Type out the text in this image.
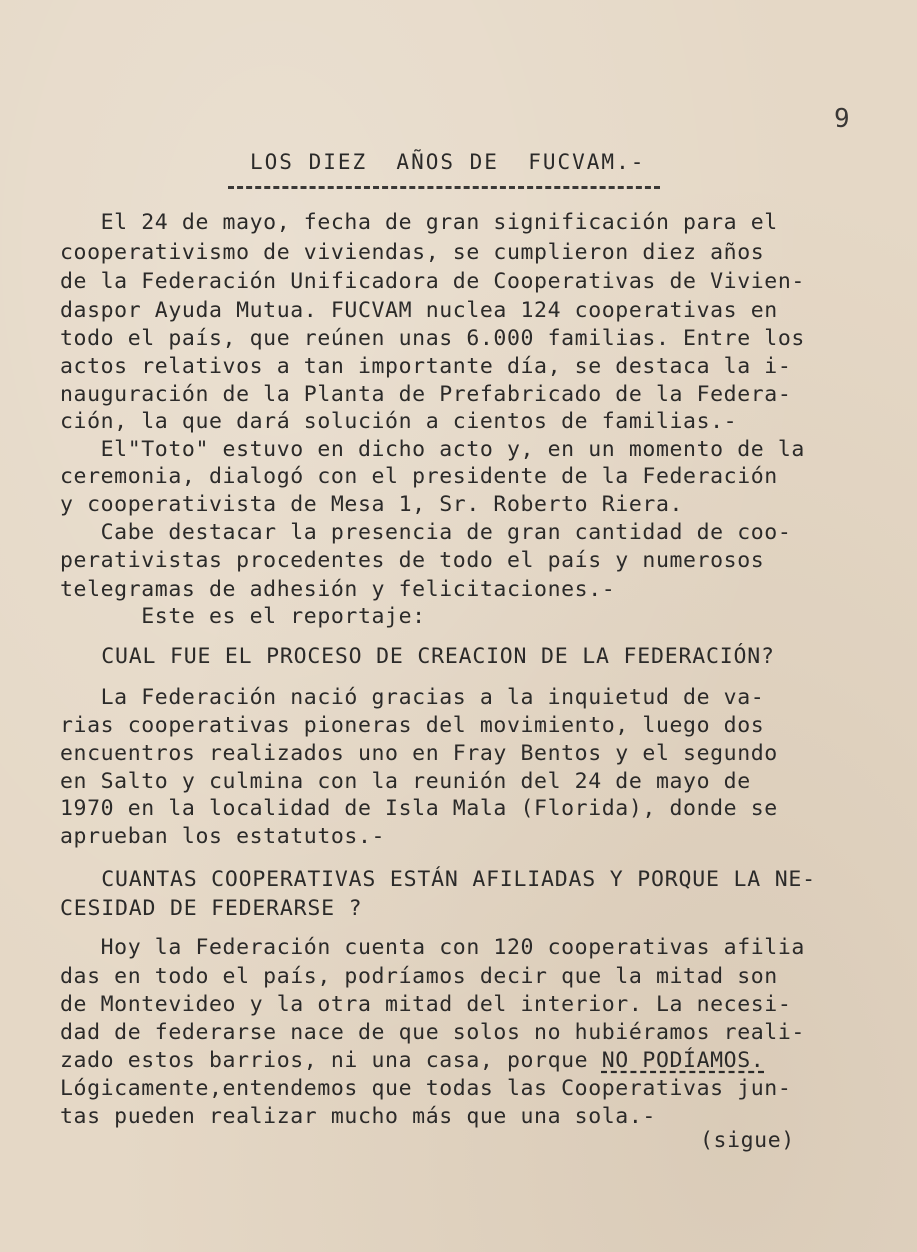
9
LOS DIEZ  AÑOS DE  FUCVAM.-
El 24 de mayo, fecha de gran significación para el
cooperativismo de viviendas, se cumplieron diez años
de la Federación Unificadora de Cooperativas de Vivien-
daspor Ayuda Mutua. FUCVAM nuclea 124 cooperativas en
todo el país, que reúnen unas 6.000 familias. Entre los
actos relativos a tan importante día, se destaca la i-
nauguración de la Planta de Prefabricado de la Federa-
ción, la que dará solución a cientos de familias.-
El"Toto" estuvo en dicho acto y, en un momento de la
ceremonia, dialogó con el presidente de la Federación
y cooperativista de Mesa 1, Sr. Roberto Riera.
Cabe destacar la presencia de gran cantidad de coo-
perativistas procedentes de todo el país y numerosos
telegramas de adhesión y felicitaciones.-
Este es el reportaje:
CUAL FUE EL PROCESO DE CREACION DE LA FEDERACIÓN?
La Federación nació gracias a la inquietud de va-
rias cooperativas pioneras del movimiento, luego dos
encuentros realizados uno en Fray Bentos y el segundo
en Salto y culmina con la reunión del 24 de mayo de
1970 en la localidad de Isla Mala (Florida), donde se
aprueban los estatutos.-
CUANTAS COOPERATIVAS ESTÁN AFILIADAS Y PORQUE LA NE-
CESIDAD DE FEDERARSE ?
Hoy la Federación cuenta con 120 cooperativas afilia
das en todo el país, podríamos decir que la mitad son
de Montevideo y la otra mitad del interior. La necesi-
dad de federarse nace de que solos no hubiéramos reali-
zado estos barrios, ni una casa, porque NO PODÍAMOS.
Lógicamente,entendemos que todas las Cooperativas jun-
tas pueden realizar mucho más que una sola.-
(sigue)
